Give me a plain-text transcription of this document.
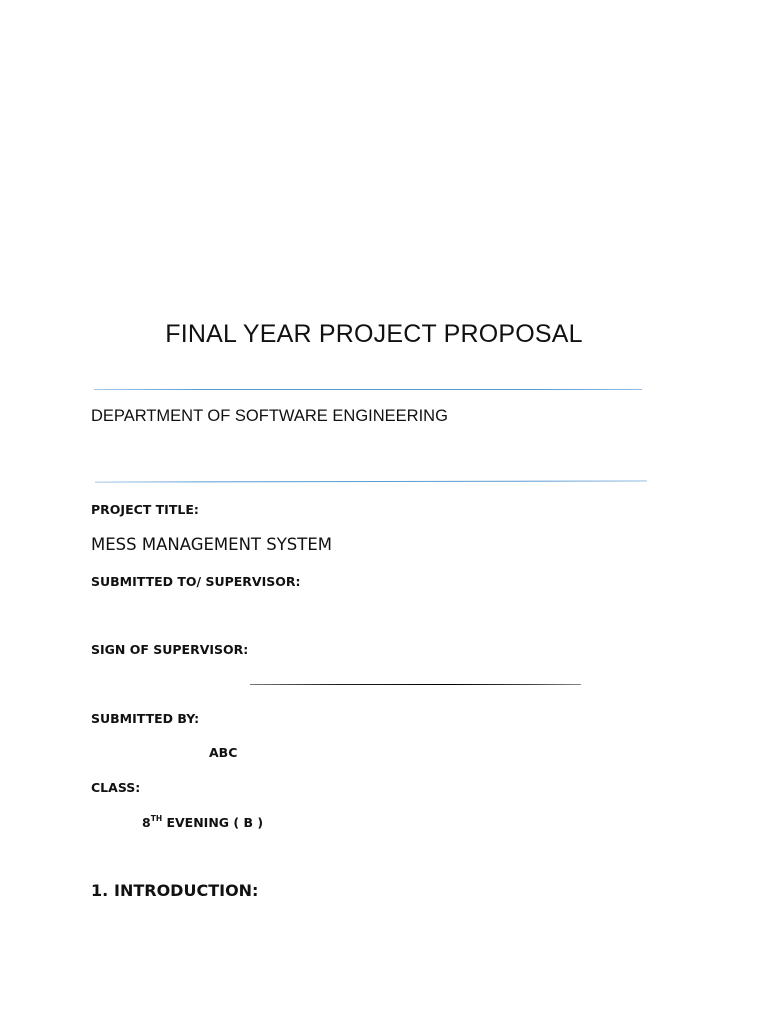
FINAL YEAR PROJECT PROPOSAL

DEPARTMENT OF SOFTWARE ENGINEERING

PROJECT TITLE:

MESS MANAGEMENT SYSTEM

SUBMITTED TO/ SUPERVISOR:

SIGN OF SUPERVISOR:

SUBMITTED BY:

ABC

CLASS:

8TH EVENING ( B )

1. INTRODUCTION:
